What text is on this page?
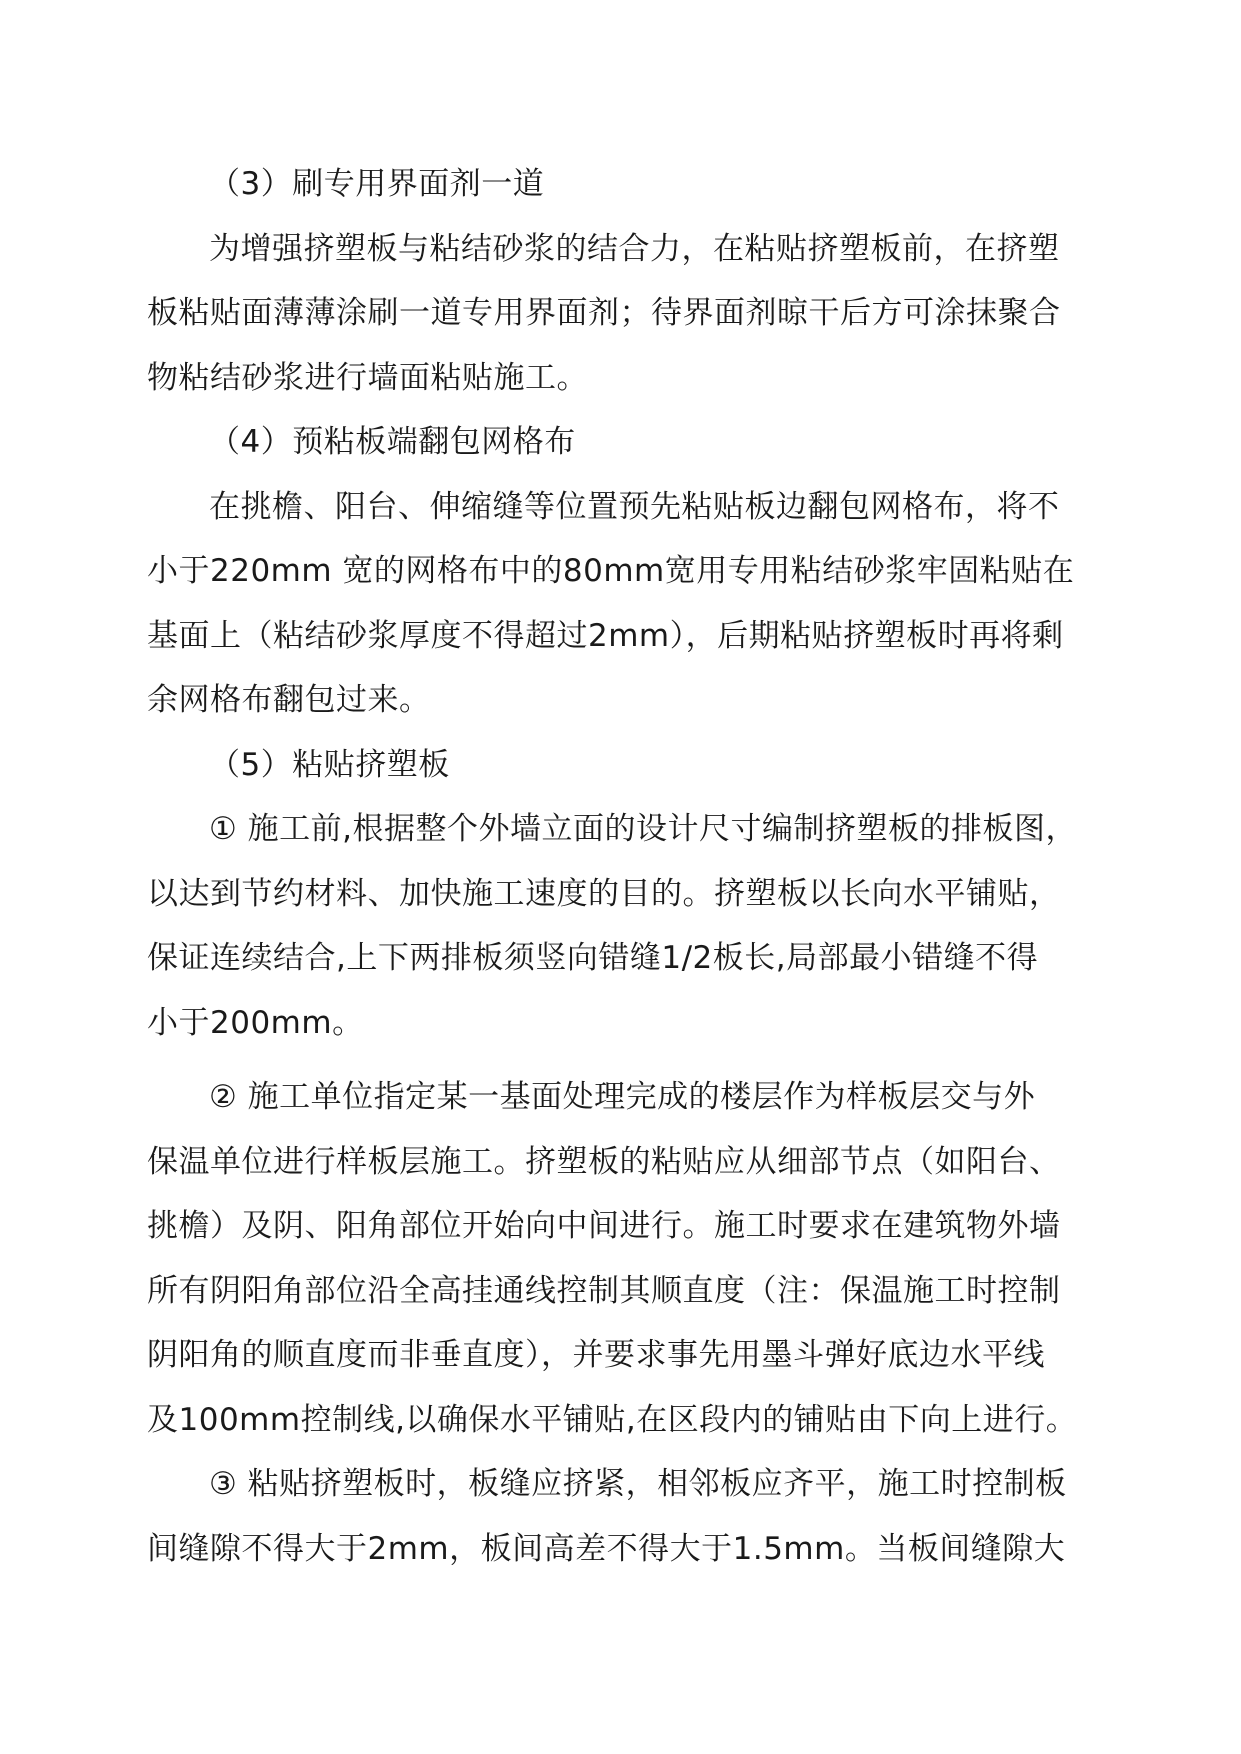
（3）刷专用界面剂一道
为增强挤塑板与粘结砂浆的结合力，在粘贴挤塑板前，在挤塑
板粘贴面薄薄涂刷一道专用界面剂；待界面剂晾干后方可涂抹聚合
物粘结砂浆进行墙面粘贴施工。
（4）预粘板端翻包网格布
在挑檐、阳台、伸缩缝等位置预先粘贴板边翻包网格布，将不
小于220mm 宽的网格布中的80mm宽用专用粘结砂浆牢固粘贴在
基面上（粘结砂浆厚度不得超过2mm），后期粘贴挤塑板时再将剩
余网格布翻包过来。
（5）粘贴挤塑板
① 施工前,根据整个外墙立面的设计尺寸编制挤塑板的排板图，
以达到节约材料、加快施工速度的目的。挤塑板以长向水平铺贴，
保证连续结合,上下两排板须竖向错缝1/2板长,局部最小错缝不得
小于200mm。
② 施工单位指定某一基面处理完成的楼层作为样板层交与外
保温单位进行样板层施工。挤塑板的粘贴应从细部节点（如阳台、
挑檐）及阴、阳角部位开始向中间进行。施工时要求在建筑物外墙
所有阴阳角部位沿全高挂通线控制其顺直度（注：保温施工时控制
阴阳角的顺直度而非垂直度），并要求事先用墨斗弹好底边水平线
及100mm控制线,以确保水平铺贴,在区段内的铺贴由下向上进行。
③ 粘贴挤塑板时，板缝应挤紧，相邻板应齐平，施工时控制板
间缝隙不得大于2mm，板间高差不得大于1.5mm。当板间缝隙大
